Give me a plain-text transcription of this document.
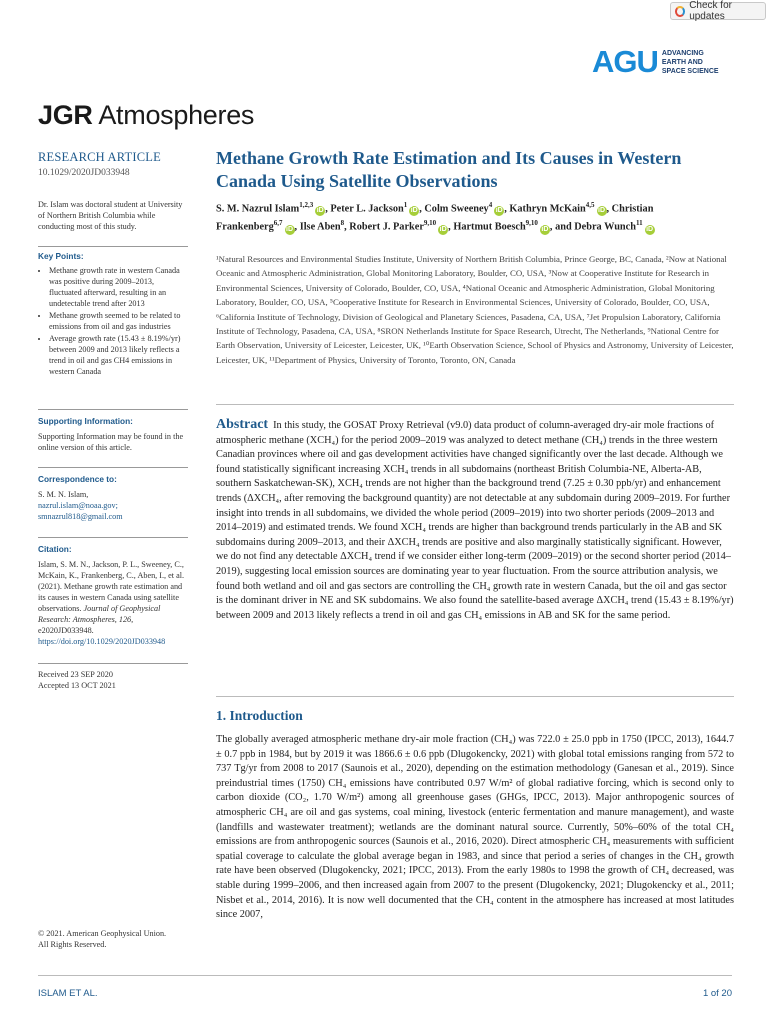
Check for updates
AGU ADVANCING
EARTH AND
SPACE SCIENCE
JGR Atmospheres
RESEARCH ARTICLE
10.1029/2020JD033948
Dr. Islam was doctoral student at University of Northern British Columbia while conducting most of this study.
Key Points:
• Methane growth rate in western Canada was positive during 2009–2013, fluctuated afterward, resulting in an undetectable trend after 2013
• Methane growth seemed to be related to emissions from oil and gas industries
• Average growth rate (15.43 ± 8.19%/yr) between 2009 and 2013 likely reflects a trend in oil and gas CH4 emissions in western Canada
Supporting Information:
Supporting Information may be found in the online version of this article.
Correspondence to:
S. M. N. Islam,
nazrul.islam@noaa.gov;
smnazrul818@gmail.com
Citation:
Islam, S. M. N., Jackson, P. L., Sweeney, C., McKain, K., Frankenberg, C., Aben, I., et al. (2021). Methane growth rate estimation and its causes in western Canada using satellite observations. Journal of Geophysical Research: Atmospheres, 126, e2020JD033948. https://doi.org/10.1029/2020JD033948
Received 23 SEP 2020
Accepted 13 OCT 2021
© 2021. American Geophysical Union.
All Rights Reserved.
Methane Growth Rate Estimation and Its Causes in Western Canada Using Satellite Observations
S. M. Nazrul Islam$^{1,2,3}$iD , Peter L. Jackson$^1$iD , Colm Sweeney$^4$iD , Kathryn McKain$^{4,5}$iD , Christian Frankenberg$^{6,7}$iD , Ilse Aben$^8$, Robert J. Parker$^{9,10}$iD , Hartmut Boesch$^{9,10}$iD , and Debra Wunch$^{11}$iD
¹Natural Resources and Environmental Studies Institute, University of Northern British Columbia, Prince George, BC, Canada, ²Now at National Oceanic and Atmospheric Administration, Global Monitoring Laboratory, Boulder, CO, USA, ³Now at Cooperative Institute for Research in Environmental Sciences, University of Colorado, Boulder, CO, USA, ⁴National Oceanic and Atmospheric Administration, Global Monitoring Laboratory, Boulder, CO, USA, ⁵Cooperative Institute for Research in Environmental Sciences, University of Colorado, Boulder, CO, USA, ⁶California Institute of Technology, Division of Geological and Planetary Sciences, Pasadena, CA, USA, ⁷Jet Propulsion Laboratory, California Institute of Technology, Pasadena, CA, USA, ⁸SRON Netherlands Institute for Space Research, Utrecht, The Netherlands, ⁹National Centre for Earth Observation, University of Leicester, Leicester, UK, ¹⁰Earth Observation Science, School of Physics and Astronomy, University of Leicester, Leicester, UK, ¹¹Department of Physics, University of Toronto, Toronto, ON, Canada
Abstract In this study, the GOSAT Proxy Retrieval (v9.0) data product of column-averaged dry-air mole fractions of atmospheric methane (XCH₄) for the period 2009–2019 was analyzed to detect methane (CH₄) trends in the three western Canadian provinces where oil and gas development activities have changed significantly over the last decade. Although we found statistically significant increasing XCH₄ trends in all subdomains (northeast British Columbia-NE, Alberta-AB, southern Saskatchewan-SK), XCH₄ trends are not higher than the background trend (7.25 ± 0.30 ppb/yr) and enhancement trends (ΔXCH₄, after removing the background quantity) are not detectable at any subdomain during 2009–2019. For further insight into trends in all subdomains, we divided the whole period (2009–2019) into two shorter periods (2009–2013 and 2014–2019) and estimated trends. We found XCH₄ trends are higher than background trends particularly in the AB and SK subdomains during 2009–2013, and their ΔXCH₄ trends are positive and also marginally statistically significant. However, we do not find any detectable ΔXCH₄ trend if we consider either long-term (2009–2019) or the second shorter period (2014–2019), suggesting local emission sources are dominating year to year fluctuation. From the source attribution analysis, we found both wetland and oil and gas sectors are controlling the CH₄ growth rate in western Canada, but the oil and gas sector is the dominant driver in NE and SK subdomains. We also found the satellite-based average ΔXCH₄ trend (15.43 ± 8.19%/yr) between 2009 and 2013 likely reflects a trend in oil and gas CH₄ emissions in AB and SK for the same period.
1. Introduction
The globally averaged atmospheric methane dry-air mole fraction (CH₄) was 722.0 ± 25.0 ppb in 1750 (IPCC, 2013), 1644.7 ± 0.7 ppb in 1984, but by 2019 it was 1866.6 ± 0.6 ppb (Dlugokencky, 2021) with global total emissions ranging from 572 to 737 Tg/yr from 2008 to 2017 (Saunois et al., 2020), depending on the estimation methodology (Ganesan et al., 2019). Since preindustrial times (1750) CH₄ emissions have contributed 0.97 W/m² of global radiative forcing, which is second only to carbon dioxide (CO₂, 1.70 W/m²) among all greenhouse gases (GHGs, IPCC, 2013). Major anthropogenic sources of atmospheric CH₄ are oil and gas systems, coal mining, livestock (enteric fermentation and manure management), and waste (landfills and wastewater treatment); wetlands are the dominant natural source. Currently, 50%–60% of the total CH₄ emissions are from anthropogenic sources (Saunois et al., 2016, 2020). Direct atmospheric CH₄ measurements with sufficient spatial coverage to calculate the global average began in 1983, and since that period a series of changes in the CH₄ growth rate have been observed (Dlugokencky, 2021; IPCC, 2013). From the early 1980s to 1998 the growth of CH₄ decreased, was stable during 1999–2006, and then increased again from 2007 to the present (Dlugokencky, 2021; Dlugokencky et al., 2011; Nisbet et al., 2014, 2016). It is now well documented that the CH₄ content in the atmosphere has increased at most latitudes since 2007,
ISLAM ET AL.	1 of 20
